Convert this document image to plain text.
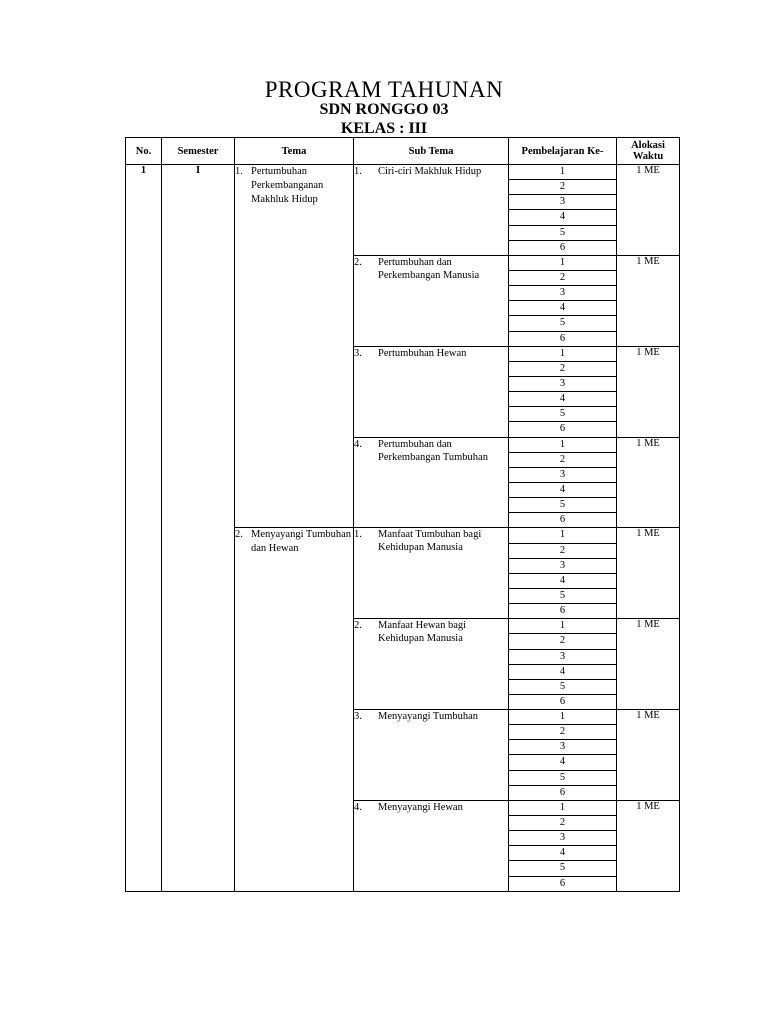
PROGRAM TAHUNAN
SDN RONGGO 03
KELAS : III
No.	Semester	Tema	Sub Tema	Pembelajaran Ke-	Alokasi Waktu
1	I	1. Pertumbuhan Perkembanganan Makhluk Hidup	1. Ciri-ciri Makhluk Hidup	1	1 ME
				2	
				3	
				4	
				5	
				6	

			2. Pertumbuhan dan Perkembangan Manusia	1	1 ME
				2	
				3	
				4	
				5	
				6	

			3. Pertumbuhan Hewan	1	1 ME
				2	
				3	
				4	
				5	
				6	

			4. Pertumbuhan dan Perkembangan Tumbuhan	1	1 ME
				2	
				3	
				4	
				5	
				6	

		2. Menyayangi Tumbuhan dan Hewan	1. Manfaat Tumbuhan bagi Kehidupan Manusia	1	1 ME
				2	
				3	
				4	
				5	
				6	

			2. Manfaat Hewan bagi Kehidupan Manusia	1	1 ME
				2	
				3	
				4	
				5	
				6	

			3. Menyayangi Tumbuhan	1	1 ME
				2	
				3	
				4	
				5	
				6	

			4. Menyayangi Hewan	1	1 ME
				2	
				3	
				4	
				5	
				6	
